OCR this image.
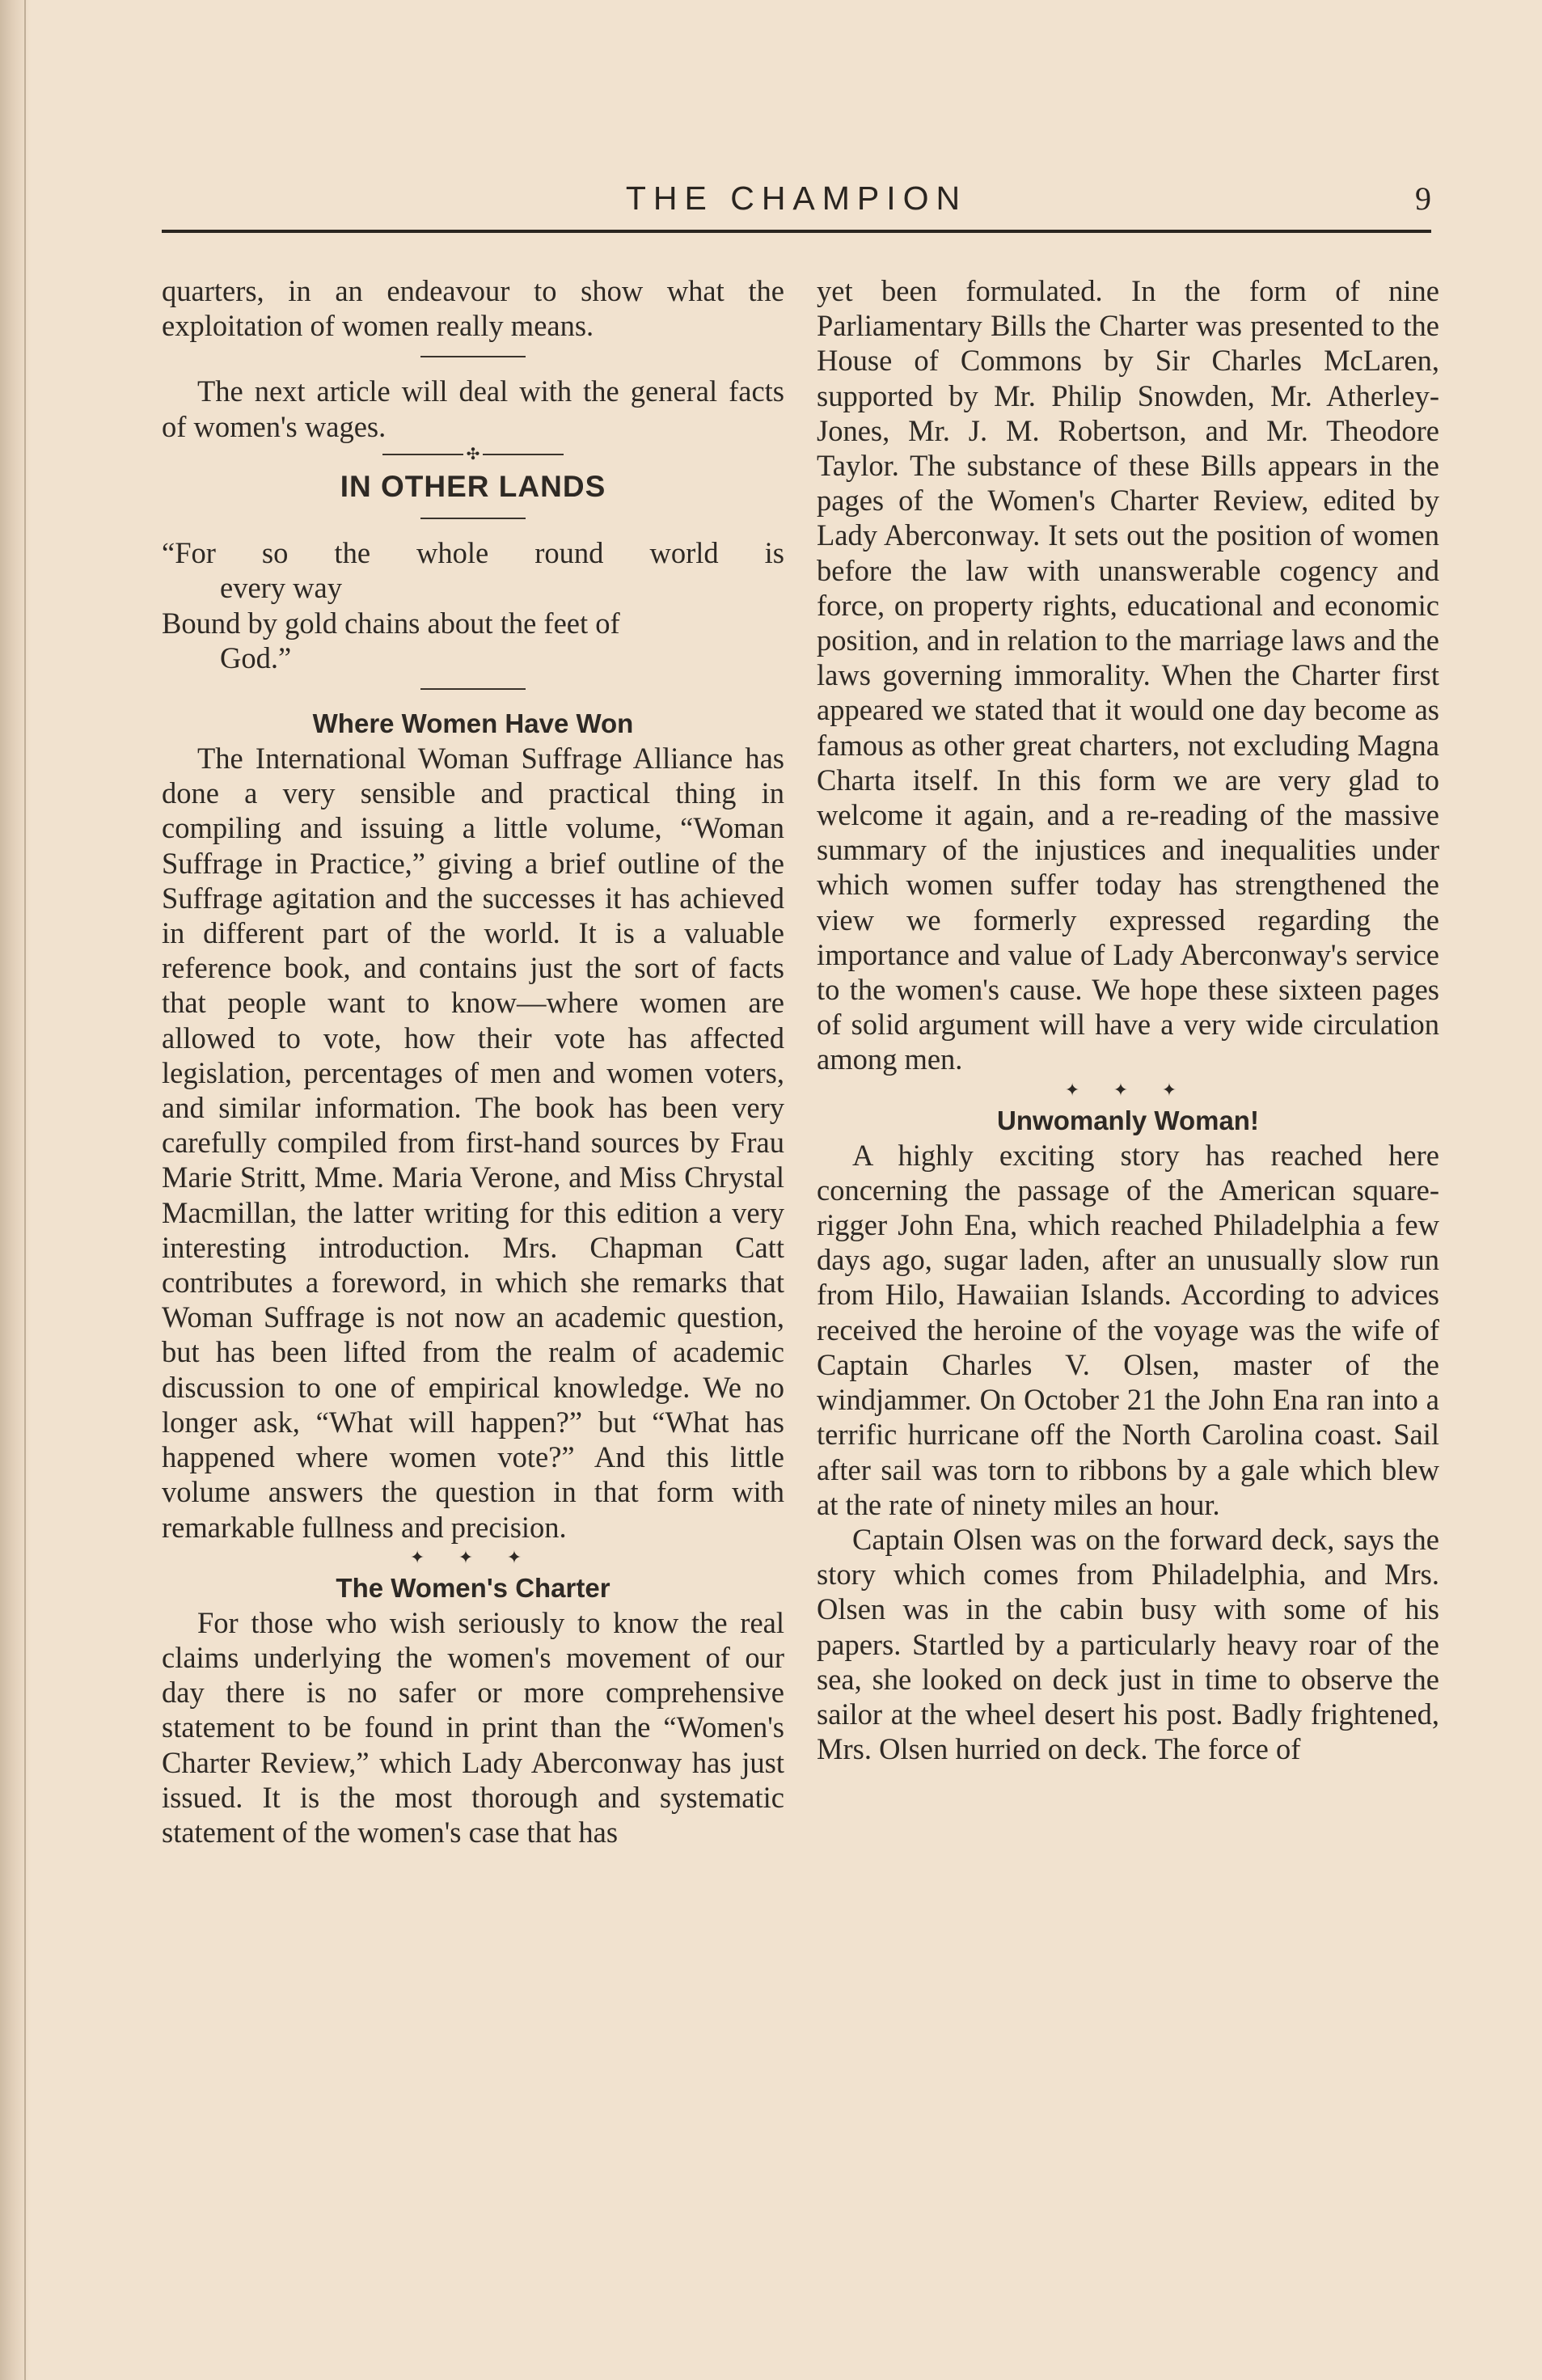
THE CHAMPION	9

quarters, in an endeavour to show what the exploitation of women really means.

The next article will deal with the general facts of women's wages.

✣
IN OTHER LANDS

“For so the whole round world is

every way

Bound by gold chains about the feet of

God.”

Where Women Have Won

The International Woman Suffrage Alliance has done a very sensible and practical thing in compiling and issuing a little volume, “Woman Suffrage in Practice,” giving a brief outline of the Suffrage agitation and the successes it has achieved in different part of the world. It is a valuable reference book, and contains just the sort of facts that people want to know—where women are allowed to vote, how their vote has affected legislation, percentages of men and women voters, and similar information. The book has been very carefully compiled from first-hand sources by Frau Marie Stritt, Mme. Maria Verone, and Miss Chrystal Macmillan, the latter writing for this edition a very interesting introduction. Mrs. Chapman Catt contributes a foreword, in which she remarks that Woman Suffrage is not now an academic question, but has been lifted from the realm of academic discussion to one of empirical knowledge. We no longer ask, “What will happen?” but “What has happened where women vote?” And this little volume answers the question in that form with remarkable fullness and precision.

✦ ✦ ✦
The Women's Charter

For those who wish seriously to know the real claims underlying the women's movement of our day there is no safer or more comprehensive statement to be found in print than the “Women's Charter Review,” which Lady Aberconway has just issued. It is the most thorough and systematic statement of the women's case that has

yet been formulated. In the form of nine Parliamentary Bills the Charter was presented to the House of Commons by Sir Charles McLaren, supported by Mr. Philip Snowden, Mr. Atherley-Jones, Mr. J. M. Robertson, and Mr. Theodore Taylor. The substance of these Bills appears in the pages of the Women's Charter Review, edited by Lady Aberconway. It sets out the position of women before the law with unanswerable cogency and force, on property rights, educational and economic position, and in relation to the marriage laws and the laws governing immorality. When the Charter first appeared we stated that it would one day become as famous as other great charters, not excluding Magna Charta itself. In this form we are very glad to welcome it again, and a re-reading of the massive summary of the injustices and inequalities under which women suffer today has strengthened the view we formerly expressed regarding the importance and value of Lady Aberconway's service to the women's cause. We hope these sixteen pages of solid argument will have a very wide circulation among men.

✦ ✦ ✦
Unwomanly Woman!

A highly exciting story has reached here concerning the passage of the American square-rigger John Ena, which reached Philadelphia a few days ago, sugar laden, after an unusually slow run from Hilo, Hawaiian Islands. According to advices received the heroine of the voyage was the wife of Captain Charles V. Olsen, master of the windjammer. On October 21 the John Ena ran into a terrific hurricane off the North Carolina coast. Sail after sail was torn to ribbons by a gale which blew at the rate of ninety miles an hour.

Captain Olsen was on the forward deck, says the story which comes from Philadelphia, and Mrs. Olsen was in the cabin busy with some of his papers. Startled by a particularly heavy roar of the sea, she looked on deck just in time to observe the sailor at the wheel desert his post. Badly frightened, Mrs. Olsen hurried on deck. The force of
